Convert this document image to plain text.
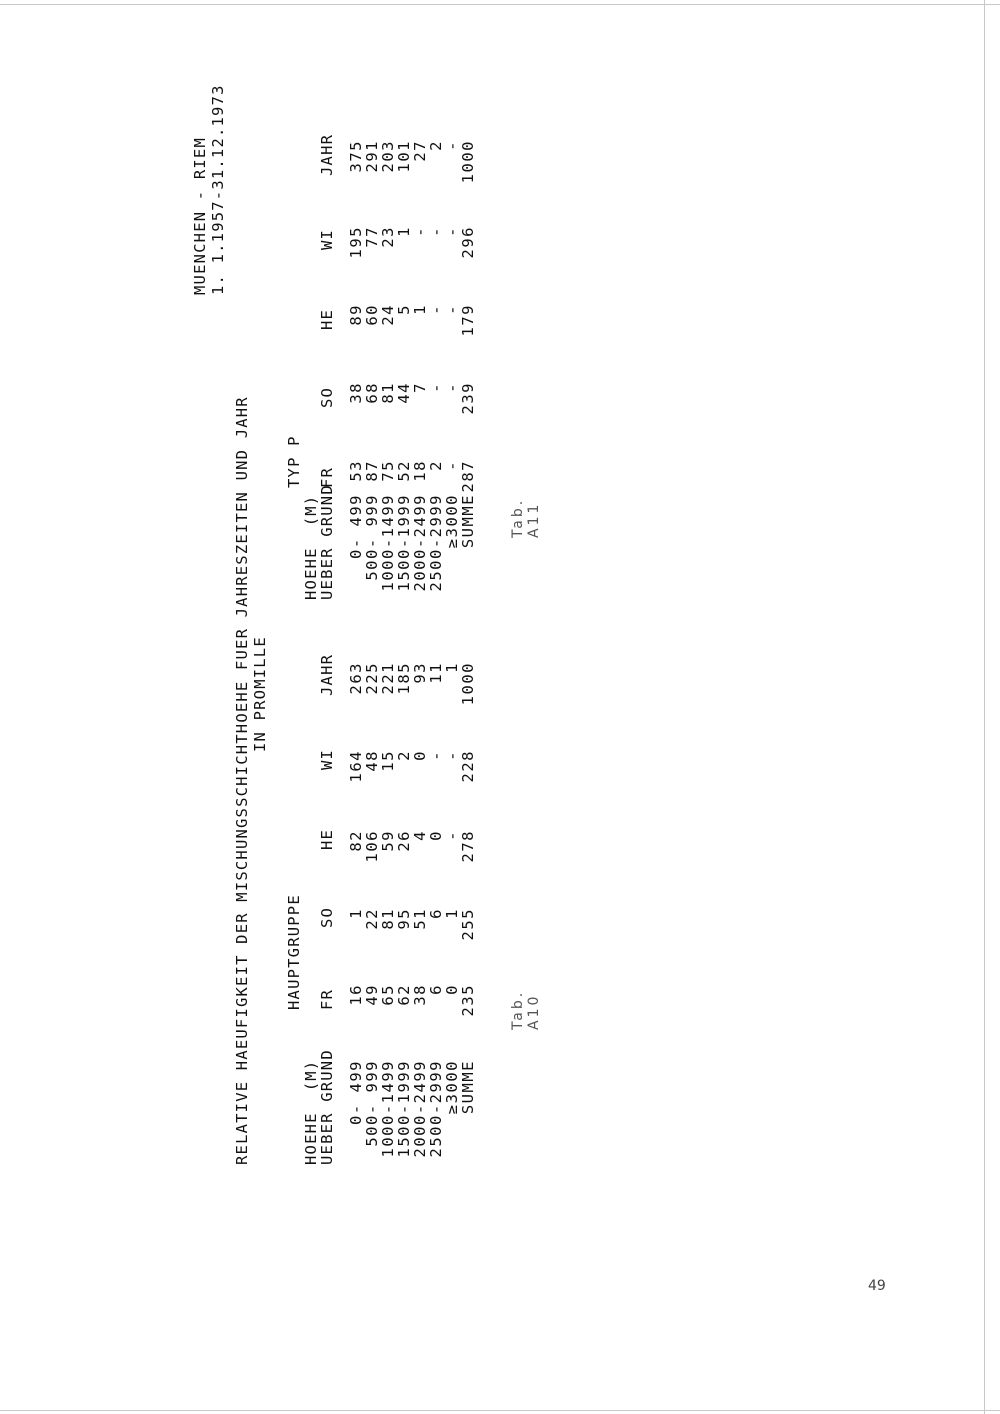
MUENCHEN - RIEM 1. 1.1957-31.12.1973
RELATIVE HAEUFIGKEIT DER MISCHUNGSSCHICHTHOEHE FUER JAHRESZEITEN UND JAHR IN PROMILLE
HAUPTGRUPPE
HOEHE  (M)
UEBER GRUND
FR
SO
HE
WI
JAHR
0- 499
500- 999
1000-1499
1500-1999
2000-2499
2500-2999
≥3000
SUMME
16
49
65
62
38
6
0
235
1
22
81
95
51
6
1
255
82
106
59
26
4
0
-
278
164
48
15
2
0
-
-
228
263
225
221
185
93
11
1
1000
Tab. A10
TYP P
HOEHE  (M)
UEBER GRUND
FR
SO
HE
WI
JAHR
0- 499
500- 999
1000-1499
1500-1999
2000-2499
2500-2999
≥3000
SUMME
53
87
75
52
18
2
-
287
38
68
81
44
7
-
-
239
89
60
24
5
1
-
-
179
195
77
23
1
-
-
-
296
375
291
203
101
27
2
-
1000
Tab. A11
49
